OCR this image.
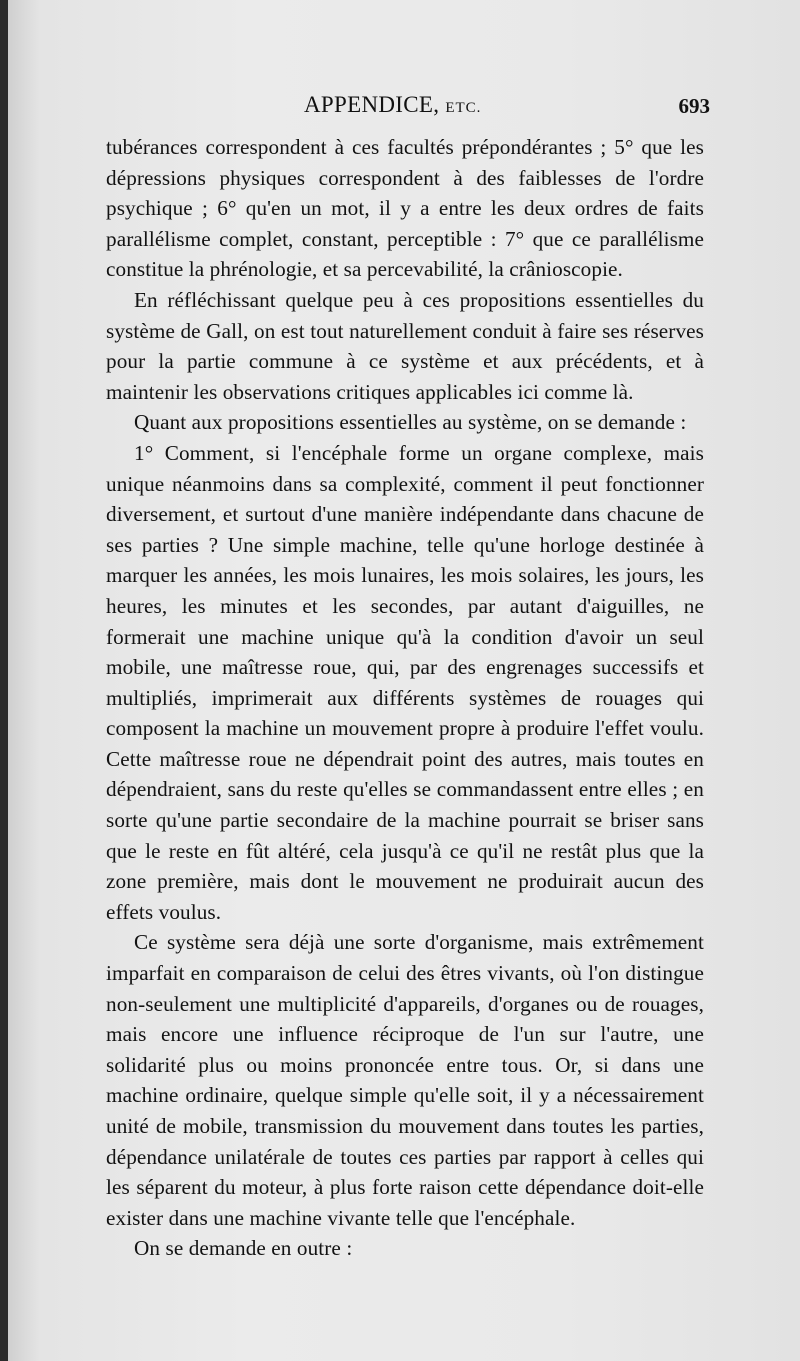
APPENDICE, ETC.	693

tubérances correspondent à ces facultés prépondérantes ; 5° que les dépressions physiques correspondent à des faiblesses de l'ordre psychique ; 6° qu'en un mot, il y a entre les deux ordres de faits parallélisme complet, constant, perceptible : 7° que ce parallélisme constitue la phrénologie, et sa percevabilité, la crânioscopie.

En réfléchissant quelque peu à ces propositions essentielles du système de Gall, on est tout naturellement conduit à faire ses réserves pour la partie commune à ce système et aux précédents, et à maintenir les observations critiques applicables ici comme là.

Quant aux propositions essentielles au système, on se demande :

1° Comment, si l'encéphale forme un organe complexe, mais unique néanmoins dans sa complexité, comment il peut fonctionner diversement, et surtout d'une manière indépendante dans chacune de ses parties ? Une simple machine, telle qu'une horloge destinée à marquer les années, les mois lunaires, les mois solaires, les jours, les heures, les minutes et les secondes, par autant d'aiguilles, ne formerait une machine unique qu'à la condition d'avoir un seul mobile, une maîtresse roue, qui, par des engrenages successifs et multipliés, imprimerait aux différents systèmes de rouages qui composent la machine un mouvement propre à produire l'effet voulu. Cette maîtresse roue ne dépendrait point des autres, mais toutes en dépendraient, sans du reste qu'elles se commandassent entre elles ; en sorte qu'une partie secondaire de la machine pourrait se briser sans que le reste en fût altéré, cela jusqu'à ce qu'il ne restât plus que la zone première, mais dont le mouvement ne produirait aucun des effets voulus.

Ce système sera déjà une sorte d'organisme, mais extrêmement imparfait en comparaison de celui des êtres vivants, où l'on distingue non-seulement une multiplicité d'appareils, d'organes ou de rouages, mais encore une influence réciproque de l'un sur l'autre, une solidarité plus ou moins prononcée entre tous. Or, si dans une machine ordinaire, quelque simple qu'elle soit, il y a nécessairement unité de mobile, transmission du mouvement dans toutes les parties, dépendance unilatérale de toutes ces parties par rapport à celles qui les séparent du moteur, à plus forte raison cette dépendance doit-elle exister dans une machine vivante telle que l'encéphale.

On se demande en outre :
